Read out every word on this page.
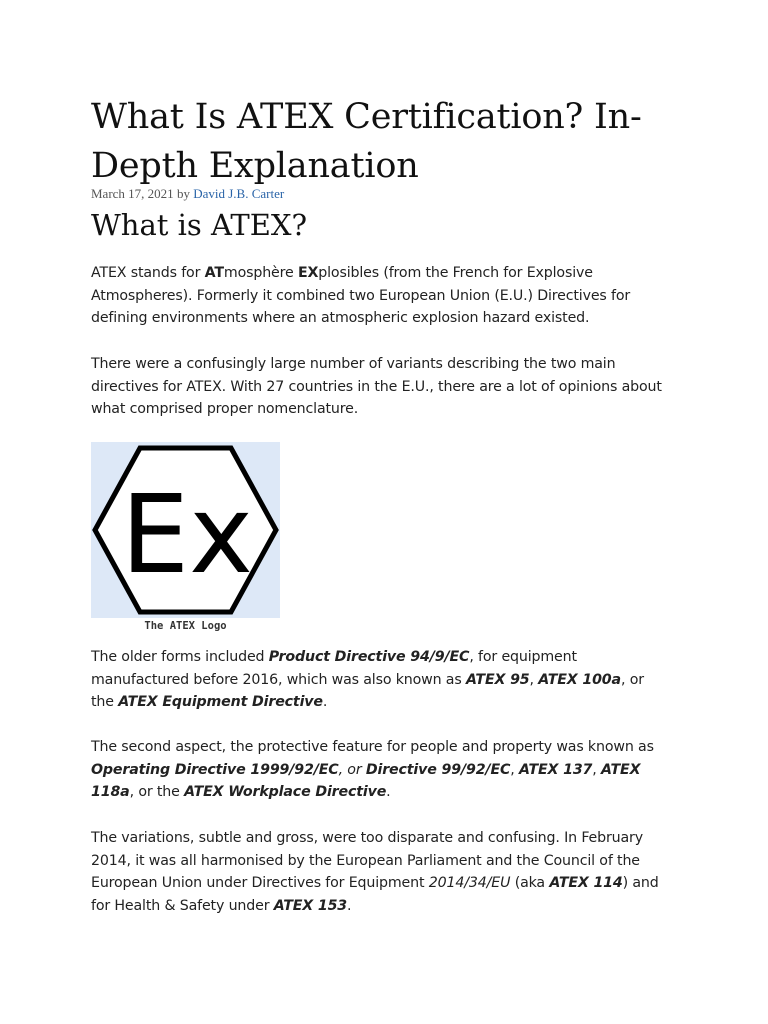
What Is ATEX Certification? In-Depth Explanation
March 17, 2021 by David J.B. Carter
What is ATEX?

ATEX stands for ATmosphère EXplosibles (from the French for Explosive Atmospheres). Formerly it combined two European Union (E.U.) Directives for defining environments where an atmospheric explosion hazard existed.

There were a confusingly large number of variants describing the two main directives for ATEX. With 27 countries in the E.U., there are a lot of opinions about what comprised proper nomenclature.

Ex
The ATEX Logo

The older forms included Product Directive 94/9/EC, for equipment manufactured before 2016, which was also known as ATEX 95, ATEX 100a, or the ATEX Equipment Directive.

The second aspect, the protective feature for people and property was known as Operating Directive 1999/92/EC, or Directive 99/92/EC, ATEX 137, ATEX 118a, or the ATEX Workplace Directive.

The variations, subtle and gross, were too disparate and confusing. In February 2014, it was all harmonised by the European Parliament and the Council of the European Union under Directives for Equipment 2014/34/EU (aka ATEX 114) and for Health & Safety under ATEX 153.
